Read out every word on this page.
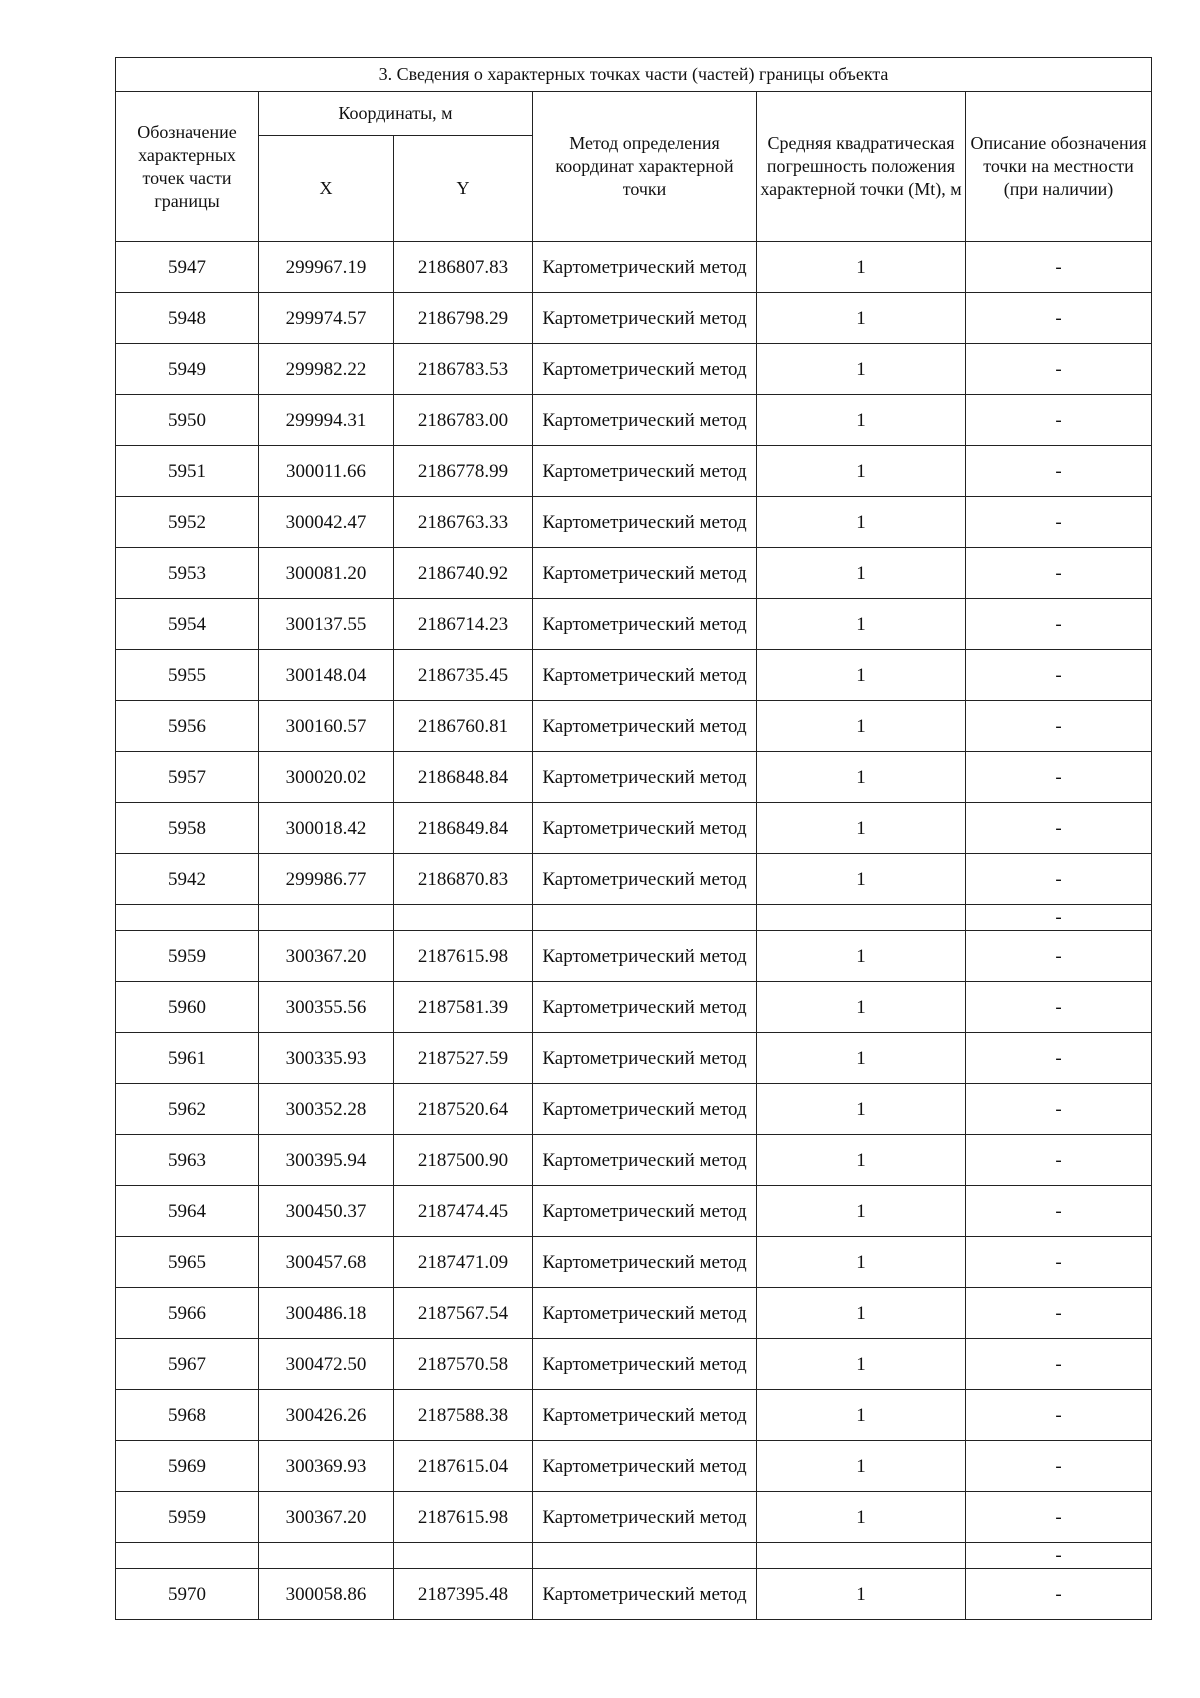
3. Сведения о характерных точках части (частей) границы объекта					
Обозначение характерных точек части границы	Координаты, м		Метод определения координат характерной точки	Средняя квадратическая погрешность положения характерной точки (Mt), м	Описание обозначения точки на местности (при наличии)
	X	Y			
5947	299967.19	2186807.83	Картометрический метод	1	-
5948	299974.57	2186798.29	Картометрический метод	1	-
5949	299982.22	2186783.53	Картометрический метод	1	-
5950	299994.31	2186783.00	Картометрический метод	1	-
5951	300011.66	2186778.99	Картометрический метод	1	-
5952	300042.47	2186763.33	Картометрический метод	1	-
5953	300081.20	2186740.92	Картометрический метод	1	-
5954	300137.55	2186714.23	Картометрический метод	1	-
5955	300148.04	2186735.45	Картометрический метод	1	-
5956	300160.57	2186760.81	Картометрический метод	1	-
5957	300020.02	2186848.84	Картометрический метод	1	-
5958	300018.42	2186849.84	Картометрический метод	1	-
5942	299986.77	2186870.83	Картометрический метод	1	-
					-
5959	300367.20	2187615.98	Картометрический метод	1	-
5960	300355.56	2187581.39	Картометрический метод	1	-
5961	300335.93	2187527.59	Картометрический метод	1	-
5962	300352.28	2187520.64	Картометрический метод	1	-
5963	300395.94	2187500.90	Картометрический метод	1	-
5964	300450.37	2187474.45	Картометрический метод	1	-
5965	300457.68	2187471.09	Картометрический метод	1	-
5966	300486.18	2187567.54	Картометрический метод	1	-
5967	300472.50	2187570.58	Картометрический метод	1	-
5968	300426.26	2187588.38	Картометрический метод	1	-
5969	300369.93	2187615.04	Картометрический метод	1	-
5959	300367.20	2187615.98	Картометрический метод	1	-
					-
5970	300058.86	2187395.48	Картометрический метод	1	-
